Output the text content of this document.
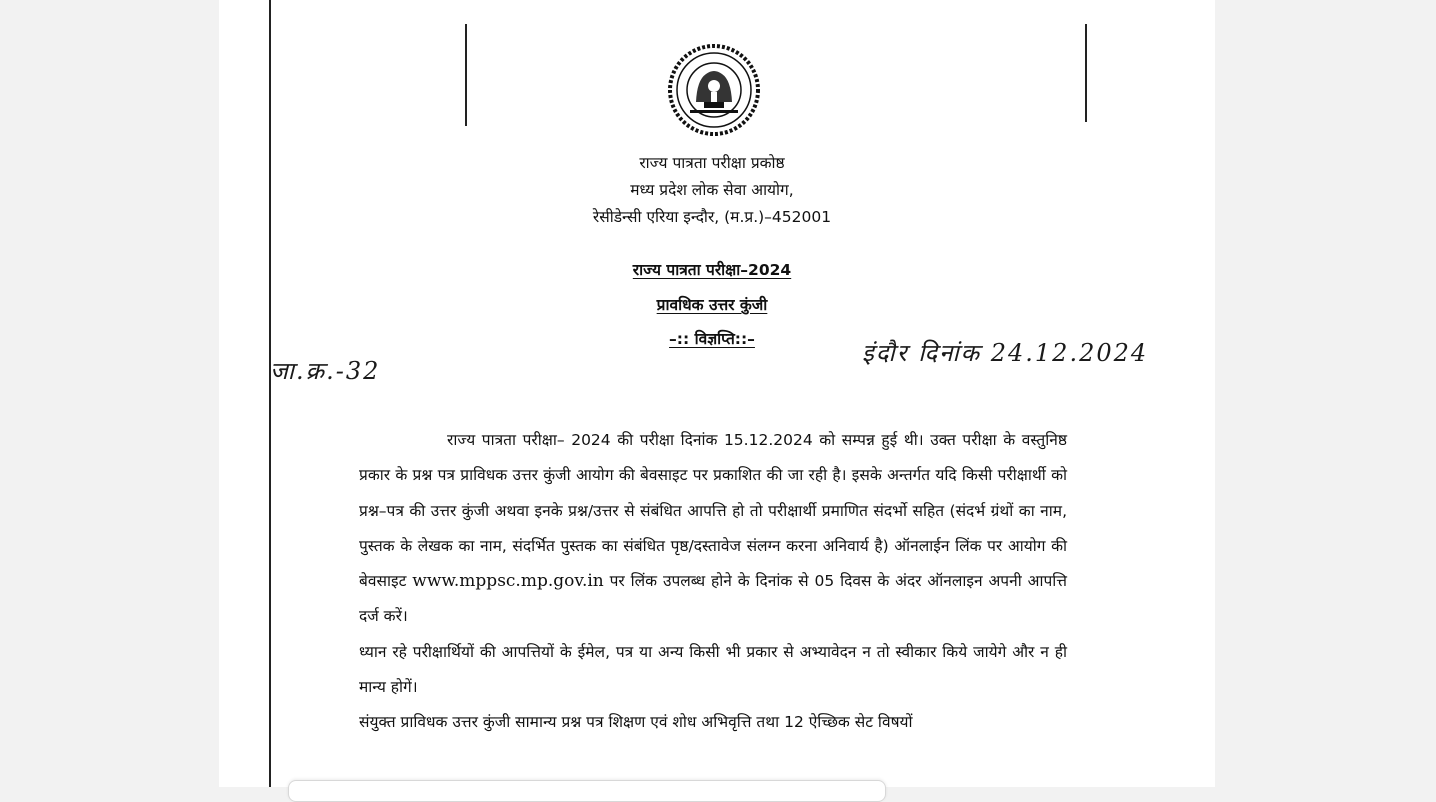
राज्य पात्रता परीक्षा प्रकोष्ठ
मध्य प्रदेश लोक सेवा आयोग,
रेसीडेन्सी एरिया इन्दौर, (म.प्र.)–452001
राज्य पात्रता परीक्षा–2024
प्रावधिक उत्तर कुंजी
–:: विज्ञप्ति::–
जा.क्र.-32
इंदौर दिनांक 24.12.2024

राज्य पात्रता परीक्षा– 2024 की परीक्षा दिनांक 15.12.2024 को सम्पन्न हुई थी। उक्त परीक्षा के वस्तुनिष्ठ प्रकार के प्रश्न पत्र प्राविधक उत्तर कुंजी आयोग की बेवसाइट पर प्रकाशित की जा रही है। इसके अन्तर्गत यदि किसी परीक्षार्थी को प्रश्न–पत्र की उत्तर कुंजी अथवा इनके प्रश्न/उत्तर से संबंधित आपत्ति हो तो परीक्षार्थी प्रमाणित संदर्भो सहित (संदर्भ ग्रंथों का नाम, पुस्तक के लेखक का नाम, संदर्भित पुस्तक का संबंधित पृष्ठ/दस्तावेज संलग्न करना अनिवार्य है) ऑनलाईन लिंक पर आयोग की बेवसाइट www.mppsc.mp.gov.in पर लिंक उपलब्ध होने के दिनांक से 05 दिवस के अंदर ऑनलाइन अपनी आपत्ति दर्ज करें।

ध्यान रहे परीक्षार्थियों की आपत्तियों के ईमेल, पत्र या अन्य किसी भी प्रकार से अभ्यावेदन न तो स्वीकार किये जायेगे और न ही मान्य होगें।

संयुक्त प्राविधक उत्तर कुंजी सामान्य प्रश्न पत्र शिक्षण एवं शोध अभिवृत्ति तथा 12 ऐच्छिक सेट विषयों
